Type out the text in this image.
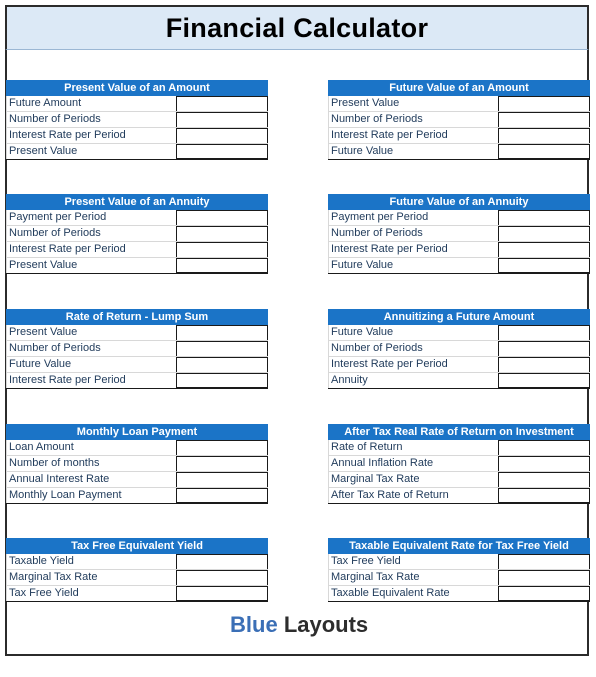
Financial Calculator
Present Value of an Amount
Future Amount
Number of Periods
Interest Rate per Period
Present Value
Future Value of an Amount
Present Value
Number of Periods
Interest Rate per Period
Future Value
Present Value of an Annuity
Payment per Period
Number of Periods
Interest Rate per Period
Present Value
Future Value of an Annuity
Payment per Period
Number of Periods
Interest Rate per Period
Future Value
Rate of Return - Lump Sum
Present Value
Number of Periods
Future Value
Interest Rate per Period
Annuitizing a Future Amount
Future Value
Number of Periods
Interest Rate per Period
Annuity
Monthly Loan Payment
Loan Amount
Number of months
Annual Interest Rate
Monthly Loan Payment
After Tax Real Rate of Return on Investment
Rate of Return
Annual Inflation Rate
Marginal Tax Rate
After Tax Rate of Return
Tax Free Equivalent Yield
Taxable Yield
Marginal Tax Rate
Tax Free Yield
Taxable Equivalent Rate for Tax Free Yield
Tax Free Yield
Marginal Tax Rate
Taxable Equivalent Rate
Blue Layouts
